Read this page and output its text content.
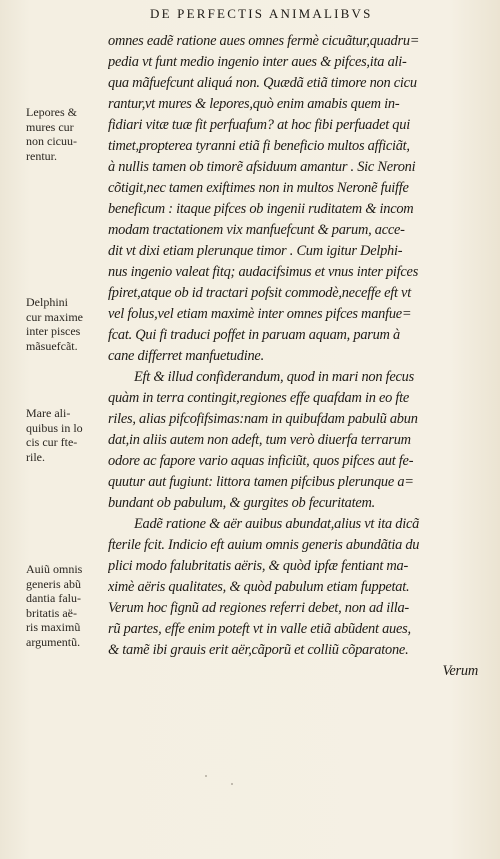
DE PERFECTIS ANIMALIBVS
omnes eadẽ ratione aues omnes fermè cicuãtur,quadru=
pedia vt funt medio ingenio inter aues & pifces,ita ali-
qua mãfuefcunt aliquá non. Quædã etiã timore non cicu
rantur,vt mures & lepores,quò enim amabis quem in-
fidiari vitæ tuæ fit perfuafum? at hoc fibi perfuadet qui
timet,propterea tyranni etiã fi beneficio multos afficiãt,
à nullis tamen ob timorẽ afsiduum amantur . Sic Neroni
cõtigit,nec tamen exiftimes non in multos Neronẽ fuiffe
beneficum : itaque pifces ob ingenii ruditatem & incom
modam tractationem vix manfuefcunt & parum, acce-
dit vt dixi etiam plerunque timor . Cum igitur Delphi-
nus ingenio valeat fitq; audacifsimus et vnus inter pifces
fpiret,atque ob id tractari pofsit commodè,neceffe eft vt
vel folus,vel etiam maximè inter omnes pifces manfue=
fcat. Qui fi traduci poffet in paruam aquam, parum à
cane differret manfuetudine.
Eft & illud confiderandum, quod in mari non fecus
quàm in terra contingit,regiones effe quafdam in eo fte
riles, alias pifcofifsimas:nam in quibufdam pabulũ abun
dat,in aliis autem non adeft, tum verò diuerfa terrarum
odore ac fapore vario aquas inficiũt, quos pifces aut fe-
quutur aut fugiunt: littora tamen pifcibus plerunque a=
bundant ob pabulum, & gurgites ob fecuritatem.
Eadẽ ratione & aër auibus abundat,alius vt ita dicã
fterile fcit. Indicio eft auium omnis generis abundãtia du
plici modo falubritatis aëris, & quòd ipfæ fentiant ma-
ximè aëris qualitates, & quòd pabulum etiam fuppetat.
Verum hoc fignũ ad regiones referri debet, non ad illa-
rũ partes, effe enim poteft vt in valle etiã abũdent aues,
& tamẽ ibi grauis erit aër,cãporũ et colliũ cõparatone.
Verum
Lepores &
mures cur
non cicuu-
rentur.
Delphini
cur maxime
inter pisces
mãsuefcãt.
Mare ali-
quibus in lo
cis cur fte-
rile.
Auiũ omnis
generis abũ
dantia falu-
britatis aë-
ris maximũ
argumentũ.
